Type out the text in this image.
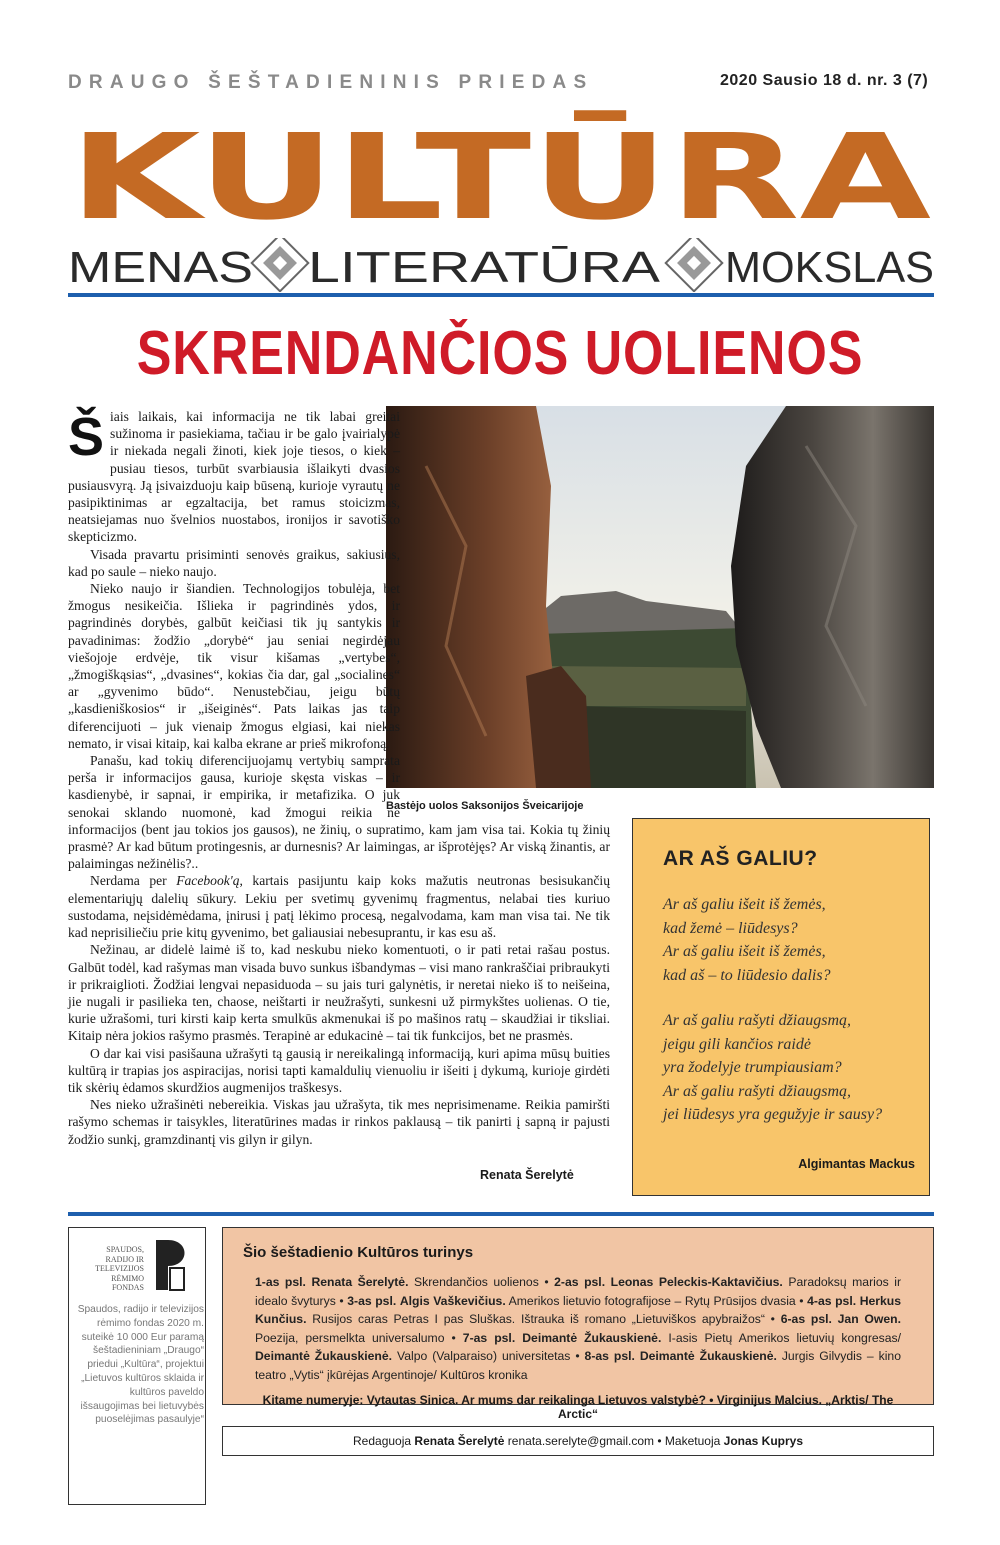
DRAUGO ŠEŠTADIENINIS PRIEDAS	2020 Sausio 18 d. nr. 3 (7)
KULTŪRA
MENAS LITERATŪRA MOKSLAS
SKRENDANČIOS UOLIENOS
Bastėjo uolos Saksonijos Šveicarijoje

Šiais laikais, kai informacija ne tik labai greitai sužinoma ir pasiekiama, tačiau ir be galo įvairialypė ir niekada negali žinoti, kiek joje tiesos, o kiek – pusiau tiesos, turbūt svarbiausia išlaikyti dvasios pusiausvyrą. Ją įsivaizduoju kaip būseną, kurioje vyrautų ne pasipiktinimas ar egzaltacija, bet ramus stoicizmas, neatsiejamas nuo švelnios nuostabos, ironijos ir savotiško skepticizmo.

Visada pravartu prisiminti senovės graikus, sakiusius, kad po saule – nieko naujo.

Nieko naujo ir šiandien. Technologijos tobulėja, bet žmogus nesikeičia. Išlieka ir pagrindinės ydos, ir pagrindinės dorybės, galbūt keičiasi tik jų santykis ir pavadinimas: žodžio „dorybė“ jau seniai negirdėjau viešojoje erdvėje, tik visur kišamas „vertybes“, „žmogiškąsias“, „dvasines“, kokias čia dar, gal „socialines“ ar „gyvenimo būdo“. Nenustebčiau, jeigu būtų „kasdieniškosios“ ir „išeiginės“. Pats laikas jas taip diferencijuoti – juk vienaip žmogus elgiasi, kai niekas nemato, ir visai kitaip, kai kalba ekrane ar prieš mikrofoną.

Panašu, kad tokių diferencijuojamų vertybių samprata perša ir informacijos gausa, kurioje skęsta viskas – ir kasdienybė, ir sapnai, ir empirika, ir metafizika. O juk senokai sklando nuomonė, kad žmogui reikia ne informacijos (bent jau tokios jos gausos), ne žinių, o supratimo, kam jam visa tai. Kokia tų žinių prasmė? Ar kad būtum protingesnis, ar durnesnis? Ar laimingas, ar išprotėjęs? Ar viską žinantis, ar palaimingas nežinėlis?..

Nerdama per Facebook'ą, kartais pasijuntu kaip koks mažutis neutronas besisukančių elementariųjų dalelių sūkury. Lekiu per svetimų gyvenimų fragmentus, nelabai ties kuriuo sustodama, neįsidėmėdama, įnirusi į patį lėkimo procesą, negalvodama, kam man visa tai. Ne tik kad neprisiliečiu prie kitų gyvenimo, bet galiausiai nebesuprantu, ir kas esu aš.

Nežinau, ar didelė laimė iš to, kad neskubu nieko komentuoti, o ir pati retai rašau postus. Galbūt todėl, kad rašymas man visada buvo sunkus išbandymas – visi mano rankraščiai pribraukyti ir prikraiglioti. Žodžiai lengvai nepasiduoda – su jais turi galynėtis, ir neretai nieko iš to neišeina, jie nugali ir pasilieka ten, chaose, neištarti ir neužrašyti, sunkesni už pirmykštes uolienas. O tie, kurie užrašomi, turi kirsti kaip kerta smulkūs akmenukai iš po mašinos ratų – skaudžiai ir tiksliai. Kitaip nėra jokios rašymo prasmės. Terapinė ar edukacinė – tai tik funkcijos, bet ne prasmės.

O dar kai visi pasišauna užrašyti tą gausią ir nereikalingą informaciją, kuri apima mūsų buities kultūrą ir trapias jos aspiracijas, norisi tapti kamaldulių vienuoliu ir išeiti į dykumą, kurioje girdėti tik skėrių ėdamos skurdžios augmenijos traškesys.

Nes nieko užrašinėti nebereikia. Viskas jau užrašyta, tik mes neprisimename. Reikia pamiršti rašymo schemas ir taisykles, literatūrines madas ir rinkos paklausą – tik panirti į sapną ir pajusti žodžio sunkį, gramzdinantį vis gilyn ir gilyn.

Renata Šerelytė
AR AŠ GALIU?
Ar aš galiu išeit iš žemės,
kad žemė – liūdesys?
Ar aš galiu išeit iš žemės,
kad aš – to liūdesio dalis?
Ar aš galiu rašyti džiaugsmą,
jeigu gili kančios raidė
yra žodelyje trumpiausiam?
Ar aš galiu rašyti džiaugsmą,
jei liūdesys yra gegužyje ir sausy?
Algimantas Mackus
SPAUDOS,
RADIJO IR
TELEVIZIJOS
RĖMIMO
FONDAS
Spaudos, radijo ir televizijos rėmimo fondas 2020 m. suteikė 10 000 Eur paramą šeštadieniniam „Draugo“ priedui „Kultūra“, projektui „Lietuvos kultūros sklaida ir kultūros paveldo išsaugojimas bei lietuvybės puoselėjimas pasaulyje“
Šio šeštadienio Kultūros turinys
1-as psl. Renata Šerelytė. Skrendančios uolienos • 2-as psl. Leonas Peleckis-Kaktavičius. Paradoksų marios ir idealo švyturys • 3-as psl. Algis Vaškevičius. Amerikos lietuvio fotografijose – Rytų Prūsijos dvasia • 4-as psl. Herkus Kunčius. Rusijos caras Petras I pas Sluškas. Ištrauka iš romano „Lietuviškos apybraižos“ • 6-as psl. Jan Owen. Poezija, persmelkta universalumo • 7-as psl. Deimantė Žukauskienė. I-asis Pietų Amerikos lietuvių kongresas/ Deimantė Žukauskienė. Valpo (Valparaiso) universitetas • 8-as psl. Deimantė Žukauskienė. Jurgis Gilvydis – kino teatro „Vytis“ įkūrėjas Argentinoje/ Kultūros kronika
Kitame numeryje: Vytautas Sinica. Ar mums dar reikalinga Lietuvos valstybė? • Virginijus Malcius. „Arktis/ The Arctic“
Redaguoja Renata Šerelytė renata.serelyte@gmail.com • Maketuoja Jonas Kuprys
